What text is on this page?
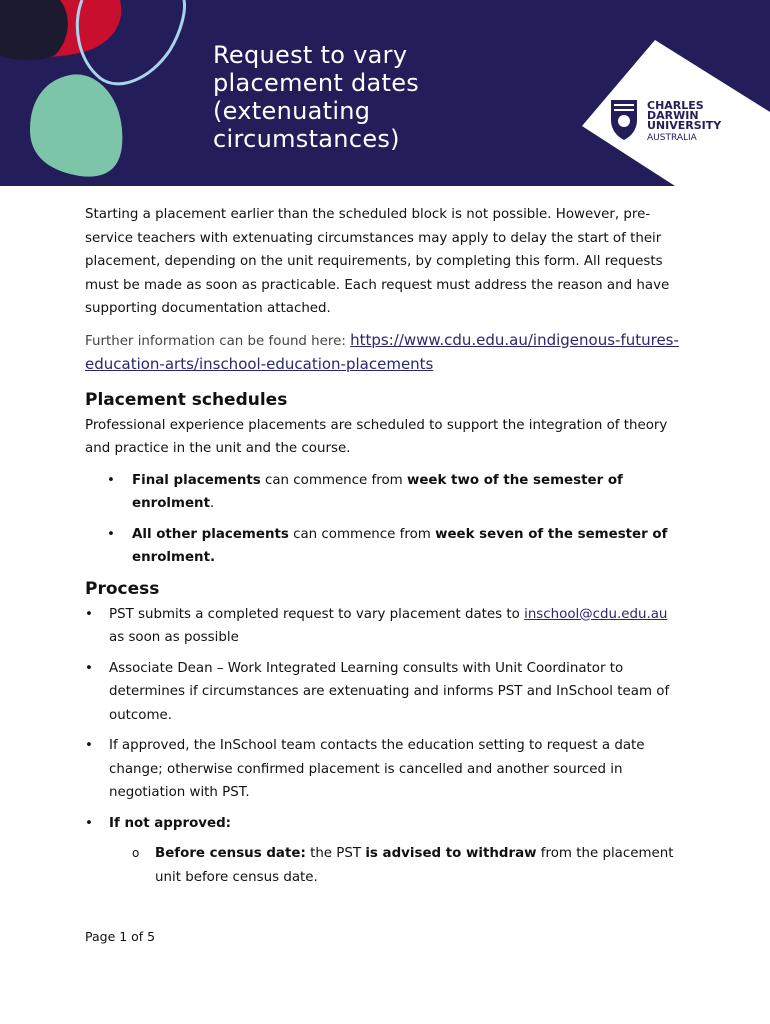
Request to vary placement dates (extenuating circumstances)
CHARLES
DARWIN
UNIVERSITY
AUSTRALIA

Starting a placement earlier than the scheduled block is not possible. However, pre-service teachers with extenuating circumstances may apply to delay the start of their placement, depending on the unit requirements, by completing this form. All requests must be made as soon as practicable. Each request must address the reason and have supporting documentation attached.

Further information can be found here: https://www.cdu.edu.au/indigenous-futures-education-arts/inschool-education-placements

Placement schedules

Professional experience placements are scheduled to support the integration of theory and practice in the unit and the course.

• Final placements can commence from week two of the semester of enrolment.
• All other placements can commence from week seven of the semester of enrolment.
Process
• PST submits a completed request to vary placement dates to inschool@cdu.edu.au as soon as possible
• Associate Dean – Work Integrated Learning consults with Unit Coordinator to determines if circumstances are extenuating and informs PST and InSchool team of outcome.
• If approved, the InSchool team contacts the education setting to request a date change; otherwise confirmed placement is cancelled and another sourced in negotiation with PST.
• If not approved:
o Before census date: the PST is advised to withdraw from the placement unit before census date.
Page 1 of 5
